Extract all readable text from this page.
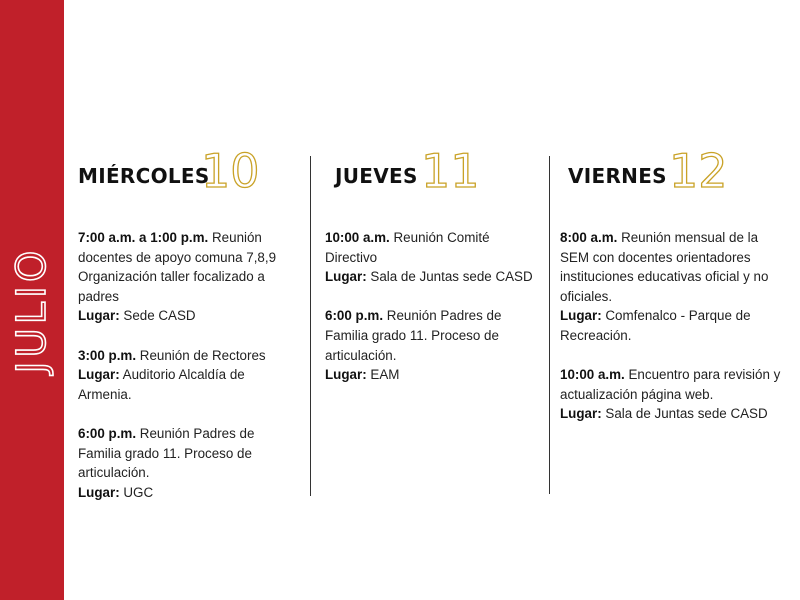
JULIO
MIÉRCOLES
10
7:00 a.m. a 1:00 p.m. Reunión docentes de apoyo comuna 7,8,9 Organización taller focalizado a padres
Lugar: Sede CASD
3:00 p.m. Reunión de Rectores
Lugar: Auditorio Alcaldía de Armenia.
6:00 p.m. Reunión Padres de Familia grado 11. Proceso de articulación.
Lugar: UGC
JUEVES 11
10:00 a.m. Reunión Comité Directivo
Lugar: Sala de Juntas sede CASD
6:00 p.m. Reunión Padres de Familia grado 11. Proceso de articulación.
Lugar: EAM
VIERNES 12
8:00 a.m. Reunión mensual de la SEM con docentes orientadores instituciones educativas oficial y no oficiales.
Lugar: Comfenalco - Parque de Recreación.
10:00 a.m. Encuentro para revisión y actualización página web.
Lugar: Sala de Juntas sede CASD
